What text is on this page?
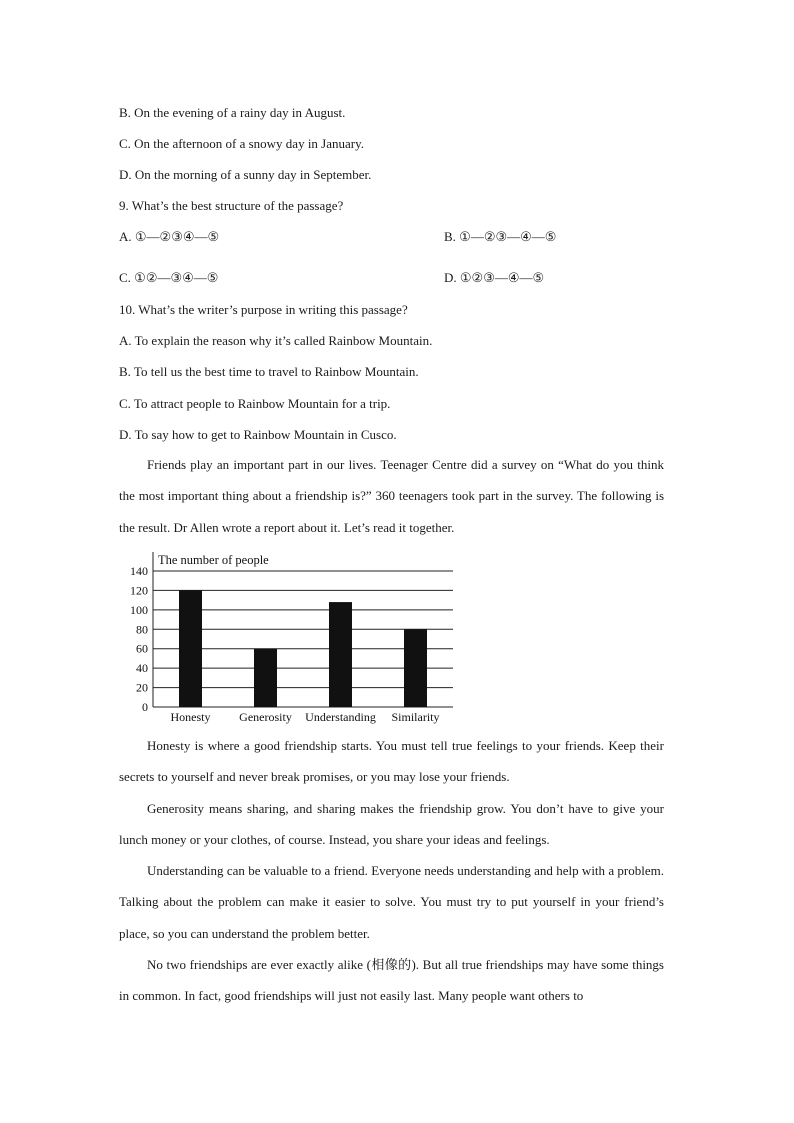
B. On the evening of a rainy day in August.
C. On the afternoon of a snowy day in January.
D. On the morning of a sunny day in September.
9. What’s the best structure of the passage?
A. ①—②③④—⑤	B. ①—②③—④—⑤
C. ①②—③④—⑤	D. ①②③—④—⑤
10. What’s the writer’s purpose in writing this passage?
A. To explain the reason why it’s called Rainbow Mountain.
B. To tell us the best time to travel to Rainbow Mountain.
C. To attract people to Rainbow Mountain for a trip.
D. To say how to get to Rainbow Mountain in Cusco.
Friends play an important part in our lives. Teenager Centre did a survey on “What do you think the most important thing about a friendship is?” 360 teenagers took part in the survey. The following is the result. Dr Allen wrote a report about it. Let’s read it together.
0
20
40
60
80
100
120
140
The number of people
Honesty Generosity Understanding Similarity
Honesty is where a good friendship starts. You must tell true feelings to your friends. Keep their secrets to yourself and never break promises, or you may lose your friends.
Generosity means sharing, and sharing makes the friendship grow. You don’t have to give your lunch money or your clothes, of course. Instead, you share your ideas and feelings.
Understanding can be valuable to a friend. Everyone needs understanding and help with a problem. Talking about the problem can make it easier to solve. You must try to put yourself in your friend’s place, so you can understand the problem better.
No two friendships are ever exactly alike (相像的). But all true friendships may have some things in common. In fact, good friendships will just not easily last. Many people want others to
